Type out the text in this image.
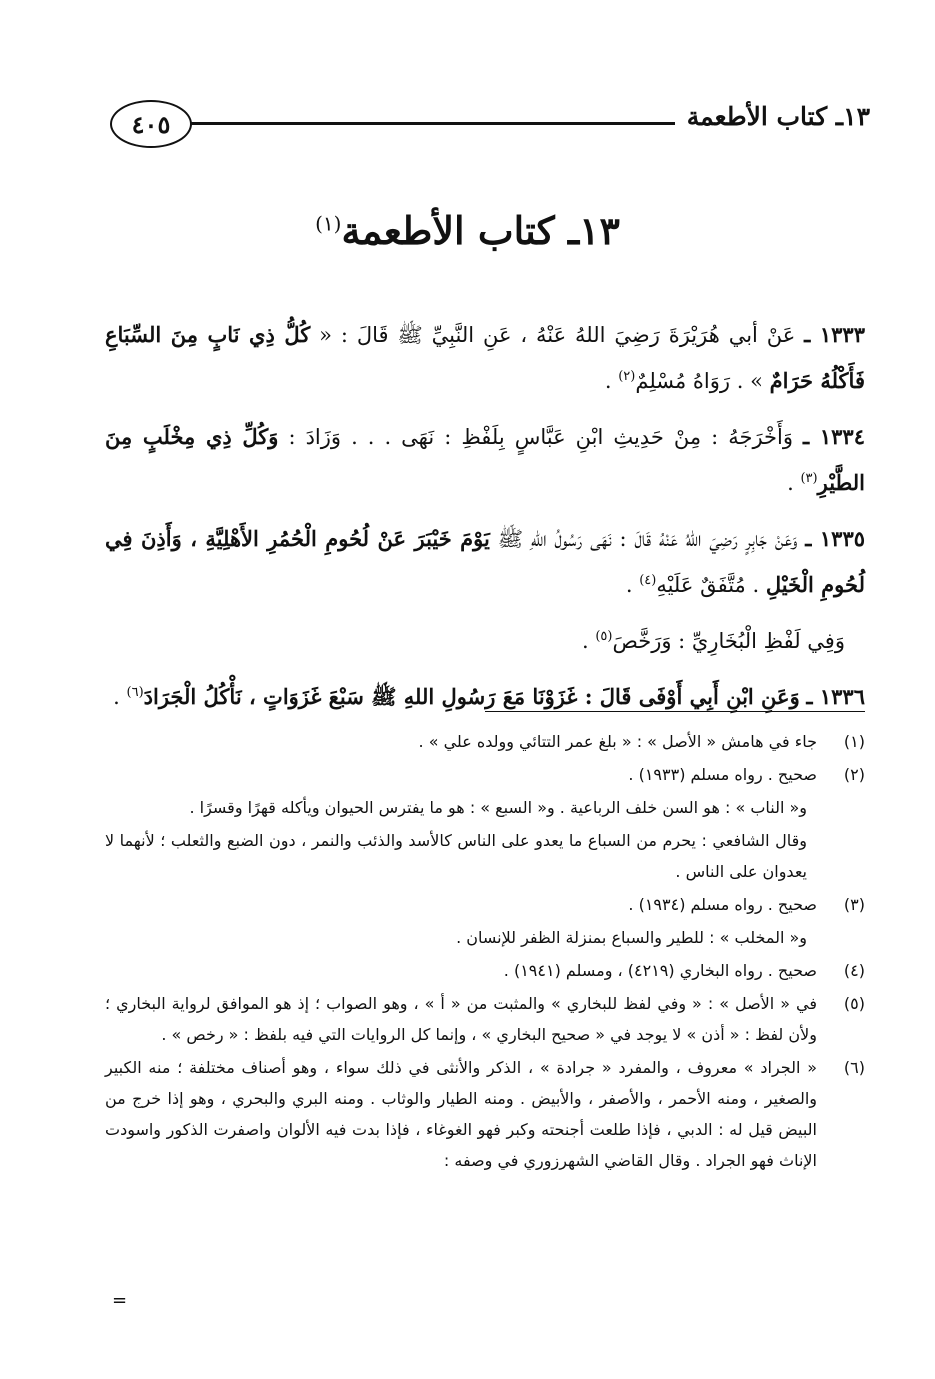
٤٠٥	١٣ـ كتاب الأطعمة
١٣ـ كتاب الأطعمة$^{(١)}$

١٣٣٣ ـ عَنْ أبي هُرَيْرَةَ رَضِيَ اللهُ عَنْهُ ، عَنِ النَّبِيِّ ﷺ قَالَ : « كُلُّ ذِي نَابٍ مِنَ السِّبَاعِ فَأَكْلُهُ حَرَامٌ » . رَوَاهُ مُسْلِمٌ$^{(٢)}$ .

١٣٣٤ ـ وَأَخْرَجَهُ : مِنْ حَدِيثِ ابْنِ عَبَّاسٍ بِلَفْظِ : نَهَى . . . وَزَادَ : وَكُلِّ ذِي مِخْلَبٍ مِنَ الطَّيْرِ$^{(٣)}$ .

١٣٣٥ ـ وَعَنْ جَابِرٍ رَضِيَ اللهُ عَنْهُ قَالَ : نَهَى رَسُولُ اللهِ ﷺ يَوْمَ خَيْبَرَ عَنْ لُحُومِ الْحُمُرِ الأَهْلِيَّةِ ، وَأَذِنَ فِي لُحُومِ الْخَيْلِ . مُتَّفَقٌ عَلَيْهِ$^{(٤)}$ .

وَفِي لَفْظِ الْبُخَارِيِّ : وَرَخَّصَ$^{(٥)}$ .

١٣٣٦ ـ وَعَنِ ابْنِ أَبِي أَوْفَى قَالَ : غَزَوْنَا مَعَ رَسُولِ اللهِ ﷺ سَبْعَ غَزَوَاتٍ ، نَأْكُلُ الْجَرَادَ$^{(٦)}$ .

(١)
جاء في هامش « الأصل » : « بلغ عمر التتائي وولده علي » .
(٢)
صحيح . رواه مسلم (١٩٣٣) .
و« الناب » : هو السن خلف الرباعية . و« السبع » : هو ما يفترس الحيوان ويأكله قهرًا وقسرًا .
وقال الشافعي : يحرم من السباع ما يعدو على الناس كالأسد والذئب والنمر ، دون الضبع والثعلب ؛ لأنهما لا يعدوان على الناس .
(٣)
صحيح . رواه مسلم (١٩٣٤) .
و« المخلب » : للطير والسباع بمنزلة الظفر للإنسان .
(٤)
صحيح . رواه البخاري (٤٢١٩) ، ومسلم (١٩٤١) .
(٥)
في « الأصل » : « وفي لفظ للبخاري » والمثبت من « أ » ، وهو الصواب ؛ إذ هو الموافق لرواية البخاري ؛ ولأن لفظ : « أذن » لا يوجد في « صحيح البخاري » ، وإنما كل الروايات التي فيه بلفظ : « رخص » .
(٦)
« الجراد » معروف ، والمفرد « جرادة » ، الذكر والأنثى في ذلك سواء ، وهو أصناف مختلفة ؛ منه الكبير والصغير ، ومنه الأحمر ، والأصفر ، والأبيض . ومنه الطيار والوثاب . ومنه البري والبحري ، وهو إذا خرج من البيض قيل له : الدبي ، فإذا طلعت أجنحته وكبر فهو الغوغاء ، فإذا بدت فيه الألوان واصفرت الذكور واسودت الإناث فهو الجراد . وقال القاضي الشهرزوري في وصفه :
=
